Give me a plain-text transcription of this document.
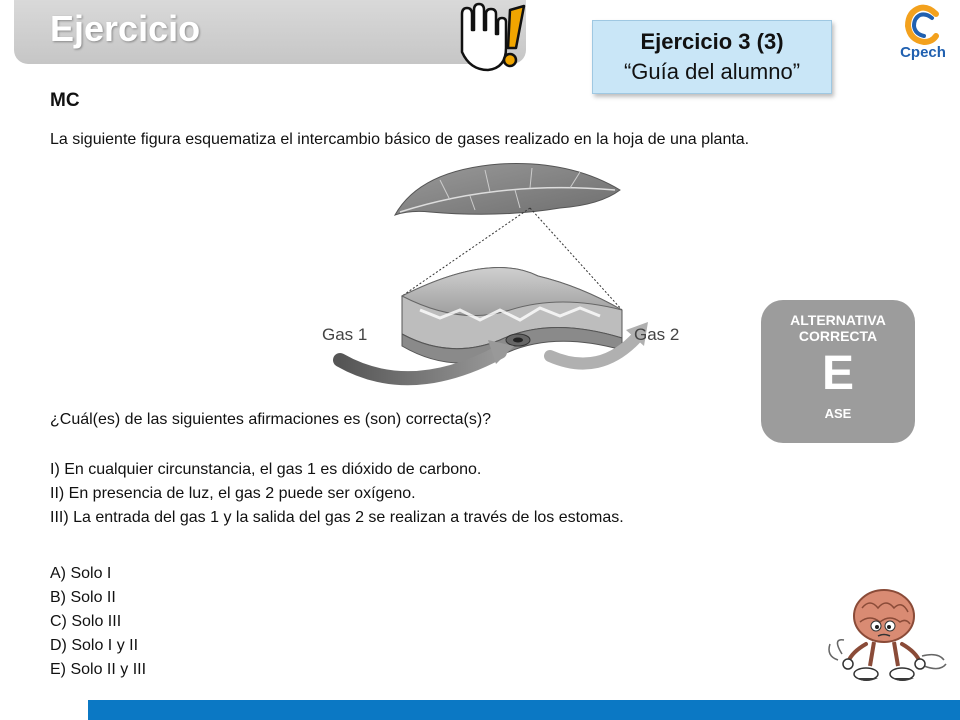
Ejercicio	Ejercicio 3 (3)
“Guía del alumno”
Cpech
MC
La siguiente figura esquematiza el intercambio básico de gases realizado en la hoja de una planta.
Gas 1	Gas 2
¿Cuál(es) de las siguientes afirmaciones es (son) correcta(s)?
I) En cualquier circunstancia, el gas 1 es dióxido de carbono.
II) En presencia de luz, el gas 2 puede ser oxígeno.
III) La entrada del gas 1 y la salida del gas 2 se realizan a través de los estomas.
A) Solo I
B) Solo II
C) Solo III
D) Solo I y II
E) Solo II y III
ALTERNATIVA
CORRECTA
E
ASE
